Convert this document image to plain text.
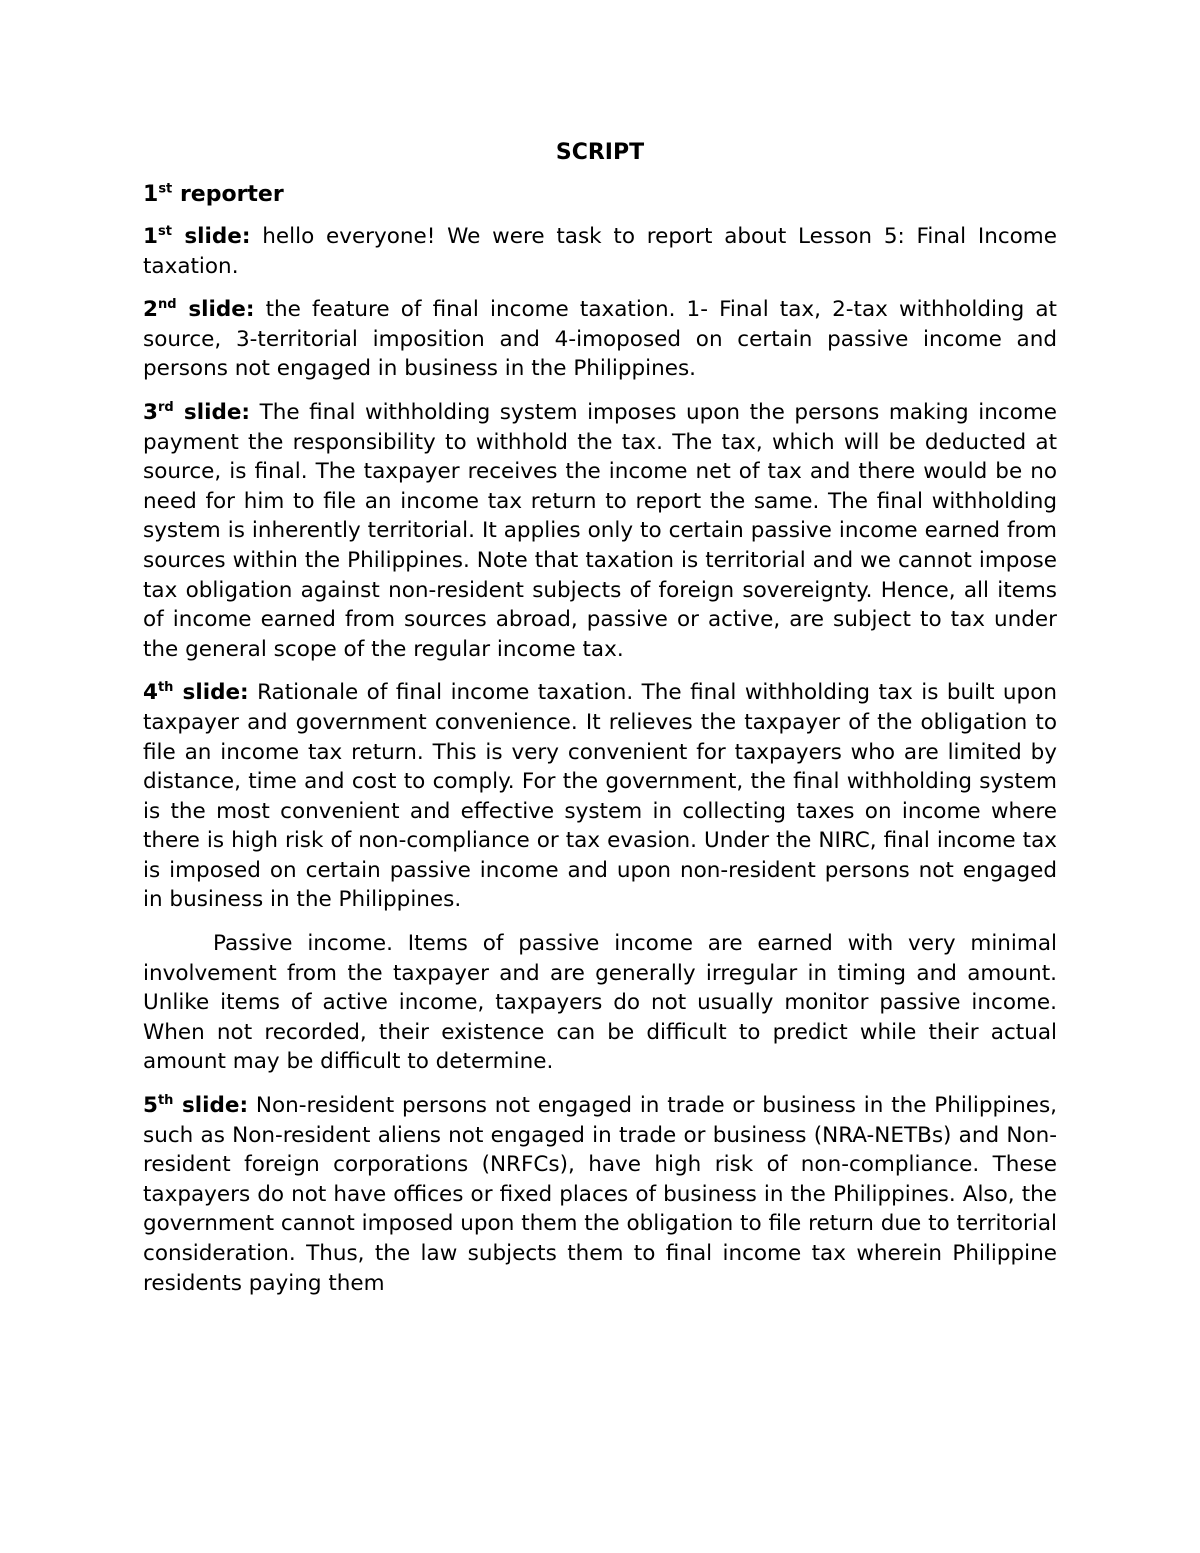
SCRIPT
1st reporter

1st slide: hello everyone! We were task to report about Lesson 5: Final Income taxation.

2nd slide: the feature of final income taxation. 1- Final tax, 2-tax withholding at source, 3-territorial imposition and 4-imoposed on certain passive income and persons not engaged in business in the Philippines.

3rd slide: The final withholding system imposes upon the persons making income payment the responsibility to withhold the tax. The tax, which will be deducted at source, is final. The taxpayer receives the income net of tax and there would be no need for him to file an income tax return to report the same. The final withholding system is inherently territorial. It applies only to certain passive income earned from sources within the Philippines. Note that taxation is territorial and we cannot impose tax obligation against non-resident subjects of foreign sovereignty. Hence, all items of income earned from sources abroad, passive or active, are subject to tax under the general scope of the regular income tax.

4th slide: Rationale of final income taxation. The final withholding tax is built upon taxpayer and government convenience. It relieves the taxpayer of the obligation to file an income tax return. This is very convenient for taxpayers who are limited by distance, time and cost to comply. For the government, the final withholding system is the most convenient and effective system in collecting taxes on income where there is high risk of non-compliance or tax evasion. Under the NIRC, final income tax is imposed on certain passive income and upon non-resident persons not engaged in business in the Philippines.

Passive income. Items of passive income are earned with very minimal involvement from the taxpayer and are generally irregular in timing and amount. Unlike items of active income, taxpayers do not usually monitor passive income. When not recorded, their existence can be difficult to predict while their actual amount may be difficult to determine.

5th slide: Non-resident persons not engaged in trade or business in the Philippines, such as Non-resident aliens not engaged in trade or business (NRA-NETBs) and Non-resident foreign corporations (NRFCs), have high risk of non-compliance. These taxpayers do not have offices or fixed places of business in the Philippines. Also, the government cannot imposed upon them the obligation to file return due to territorial consideration. Thus, the law subjects them to final income tax wherein Philippine residents paying them
